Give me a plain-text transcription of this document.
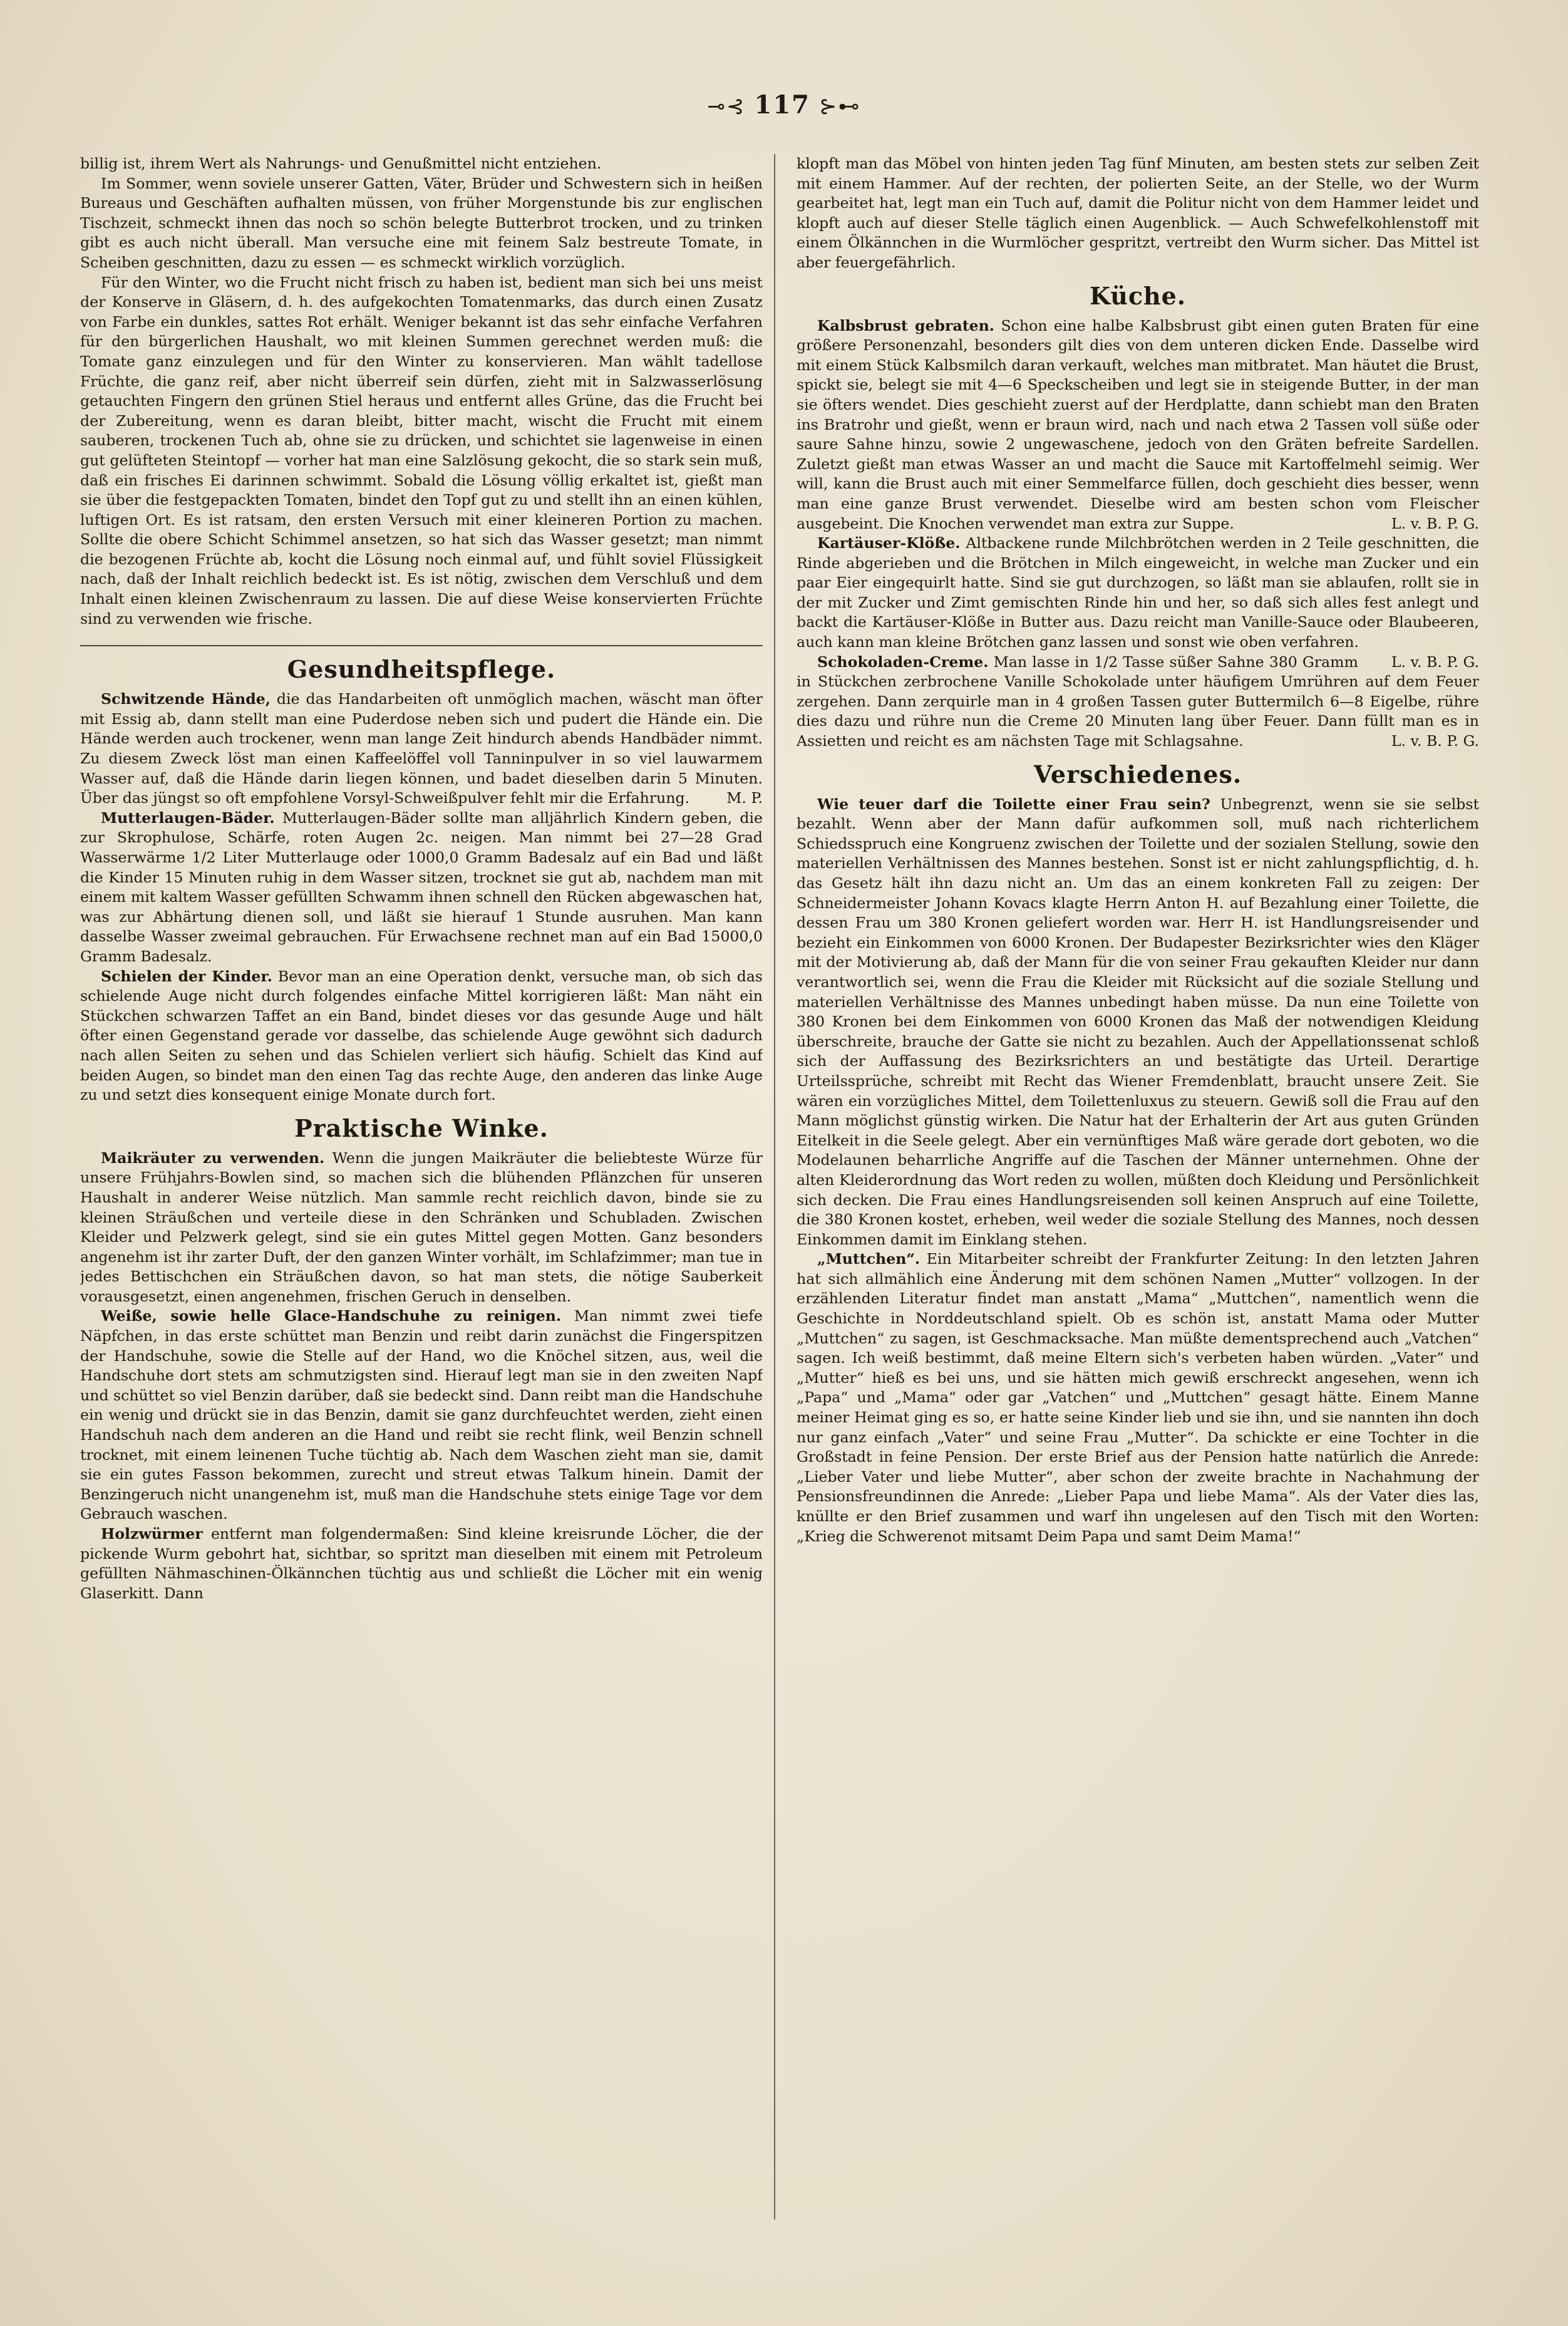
⊸⊰ 117 ⊱⊷

billig ist, ihrem Wert als Nahrungs- und Genußmittel nicht entziehen.

Im Sommer, wenn soviele unserer Gatten, Väter, Brüder und Schwestern sich in heißen Bureaus und Geschäften aufhalten müssen, von früher Morgenstunde bis zur englischen Tischzeit, schmeckt ihnen das noch so schön belegte Butterbrot trocken, und zu trinken gibt es auch nicht überall. Man versuche eine mit feinem Salz bestreute Tomate, in Scheiben geschnitten, dazu zu essen — es schmeckt wirklich vorzüglich.

Für den Winter, wo die Frucht nicht frisch zu haben ist, bedient man sich bei uns meist der Konserve in Gläsern, d. h. des aufgekochten Tomatenmarks, das durch einen Zusatz von Farbe ein dunkles, sattes Rot erhält. Weniger bekannt ist das sehr einfache Verfahren für den bürgerlichen Haushalt, wo mit kleinen Summen gerechnet werden muß: die Tomate ganz einzulegen und für den Winter zu konservieren. Man wählt tadellose Früchte, die ganz reif, aber nicht überreif sein dürfen, zieht mit in Salzwasserlösung getauchten Fingern den grünen Stiel heraus und entfernt alles Grüne, das die Frucht bei der Zubereitung, wenn es daran bleibt, bitter macht, wischt die Frucht mit einem sauberen, trockenen Tuch ab, ohne sie zu drücken, und schichtet sie lagenweise in einen gut gelüfteten Steintopf — vorher hat man eine Salzlösung gekocht, die so stark sein muß, daß ein frisches Ei darinnen schwimmt. Sobald die Lösung völlig erkaltet ist, gießt man sie über die festgepackten Tomaten, bindet den Topf gut zu und stellt ihn an einen kühlen, luftigen Ort. Es ist ratsam, den ersten Versuch mit einer kleineren Portion zu machen. Sollte die obere Schicht Schimmel ansetzen, so hat sich das Wasser gesetzt; man nimmt die bezogenen Früchte ab, kocht die Lösung noch einmal auf, und fühlt soviel Flüssigkeit nach, daß der Inhalt reichlich bedeckt ist. Es ist nötig, zwischen dem Verschluß und dem Inhalt einen kleinen Zwischenraum zu lassen. Die auf diese Weise konservierten Früchte sind zu verwenden wie frische.

Gesundheitspflege.

Schwitzende Hände, die das Handarbeiten oft unmöglich machen, wäscht man öfter mit Essig ab, dann stellt man eine Puderdose neben sich und pudert die Hände ein. Die Hände werden auch trockener, wenn man lange Zeit hindurch abends Handbäder nimmt. Zu diesem Zweck löst man einen Kaffeelöffel voll Tanninpulver in so viel lauwarmem Wasser auf, daß die Hände darin liegen können, und badet dieselben darin 5 Minuten. Über das jüngst so oft empfohlene Vorsyl-Schweißpulver fehlt mir die Erfahrung.	M. P.

Mutterlaugen-Bäder. Mutterlaugen-Bäder sollte man alljährlich Kindern geben, die zur Skrophulose, Schärfe, roten Augen 2c. neigen. Man nimmt bei 27—28 Grad Wasserwärme 1/2 Liter Mutterlauge oder 1000,0 Gramm Badesalz auf ein Bad und läßt die Kinder 15 Minuten ruhig in dem Wasser sitzen, trocknet sie gut ab, nachdem man mit einem mit kaltem Wasser gefüllten Schwamm ihnen schnell den Rücken abgewaschen hat, was zur Abhärtung dienen soll, und läßt sie hierauf 1 Stunde ausruhen. Man kann dasselbe Wasser zweimal gebrauchen. Für Erwachsene rechnet man auf ein Bad 15000,0 Gramm Badesalz.

Schielen der Kinder. Bevor man an eine Operation denkt, versuche man, ob sich das schielende Auge nicht durch folgendes einfache Mittel korrigieren läßt: Man näht ein Stückchen schwarzen Taffet an ein Band, bindet dieses vor das gesunde Auge und hält öfter einen Gegenstand gerade vor dasselbe, das schielende Auge gewöhnt sich dadurch nach allen Seiten zu sehen und das Schielen verliert sich häufig. Schielt das Kind auf beiden Augen, so bindet man den einen Tag das rechte Auge, den anderen das linke Auge zu und setzt dies konsequent einige Monate durch fort.

Praktische Winke.

Maikräuter zu verwenden. Wenn die jungen Maikräuter die beliebteste Würze für unsere Frühjahrs-Bowlen sind, so machen sich die blühenden Pflänzchen für unseren Haushalt in anderer Weise nützlich. Man sammle recht reichlich davon, binde sie zu kleinen Sträußchen und verteile diese in den Schränken und Schubladen. Zwischen Kleider und Pelzwerk gelegt, sind sie ein gutes Mittel gegen Motten. Ganz besonders angenehm ist ihr zarter Duft, der den ganzen Winter vorhält, im Schlafzimmer; man tue in jedes Bettischchen ein Sträußchen davon, so hat man stets, die nötige Sauberkeit vorausgesetzt, einen angenehmen, frischen Geruch in denselben.

Weiße, sowie helle Glace-Handschuhe zu reinigen. Man nimmt zwei tiefe Näpfchen, in das erste schüttet man Benzin und reibt darin zunächst die Fingerspitzen der Handschuhe, sowie die Stelle auf der Hand, wo die Knöchel sitzen, aus, weil die Handschuhe dort stets am schmutzigsten sind. Hierauf legt man sie in den zweiten Napf und schüttet so viel Benzin darüber, daß sie bedeckt sind. Dann reibt man die Handschuhe ein wenig und drückt sie in das Benzin, damit sie ganz durchfeuchtet werden, zieht einen Handschuh nach dem anderen an die Hand und reibt sie recht flink, weil Benzin schnell trocknet, mit einem leinenen Tuche tüchtig ab. Nach dem Waschen zieht man sie, damit sie ein gutes Fasson bekommen, zurecht und streut etwas Talkum hinein. Damit der Benzingeruch nicht unangenehm ist, muß man die Handschuhe stets einige Tage vor dem Gebrauch waschen.

Holzwürmer entfernt man folgendermaßen: Sind kleine kreisrunde Löcher, die der pickende Wurm gebohrt hat, sichtbar, so spritzt man dieselben mit einem mit Petroleum gefüllten Nähmaschinen-Ölkännchen tüchtig aus und schließt die Löcher mit ein wenig Glaserkitt. Dann

klopft man das Möbel von hinten jeden Tag fünf Minuten, am besten stets zur selben Zeit mit einem Hammer. Auf der rechten, der polierten Seite, an der Stelle, wo der Wurm gearbeitet hat, legt man ein Tuch auf, damit die Politur nicht von dem Hammer leidet und klopft auch auf dieser Stelle täglich einen Augenblick. — Auch Schwefelkohlenstoff mit einem Ölkännchen in die Wurmlöcher gespritzt, vertreibt den Wurm sicher. Das Mittel ist aber feuergefährlich.

Küche.

Kalbsbrust gebraten. Schon eine halbe Kalbsbrust gibt einen guten Braten für eine größere Personenzahl, besonders gilt dies von dem unteren dicken Ende. Dasselbe wird mit einem Stück Kalbsmilch daran verkauft, welches man mitbratet. Man häutet die Brust, spickt sie, belegt sie mit 4—6 Speckscheiben und legt sie in steigende Butter, in der man sie öfters wendet. Dies geschieht zuerst auf der Herdplatte, dann schiebt man den Braten ins Bratrohr und gießt, wenn er braun wird, nach und nach etwa 2 Tassen voll süße oder saure Sahne hinzu, sowie 2 ungewaschene, jedoch von den Gräten befreite Sardellen. Zuletzt gießt man etwas Wasser an und macht die Sauce mit Kartoffelmehl seimig. Wer will, kann die Brust auch mit einer Semmelfarce füllen, doch geschieht dies besser, wenn man eine ganze Brust verwendet. Dieselbe wird am besten schon vom Fleischer ausgebeint. Die Knochen verwendet man extra zur Suppe.	L. v. B. P. G.

Kartäuser-Klöße. Altbackene runde Milchbrötchen werden in 2 Teile geschnitten, die Rinde abgerieben und die Brötchen in Milch eingeweicht, in welche man Zucker und ein paar Eier eingequirlt hatte. Sind sie gut durchzogen, so läßt man sie ablaufen, rollt sie in der mit Zucker und Zimt gemischten Rinde hin und her, so daß sich alles fest anlegt und backt die Kartäuser-Klöße in Butter aus. Dazu reicht man Vanille-Sauce oder Blaubeeren, auch kann man kleine Brötchen ganz lassen und sonst wie oben verfahren.
L. v. B. P. G.

Schokoladen-Creme. Man lasse in 1/2 Tasse süßer Sahne 380 Gramm in Stückchen zerbrochene Vanille Schokolade unter häufigem Umrühren auf dem Feuer zergehen. Dann zerquirle man in 4 großen Tassen guter Buttermilch 6—8 Eigelbe, rühre dies dazu und rühre nun die Creme 20 Minuten lang über Feuer. Dann füllt man es in Assietten und reicht es am nächsten Tage mit Schlagsahne.	L. v. B. P. G.

Verschiedenes.

Wie teuer darf die Toilette einer Frau sein? Unbegrenzt, wenn sie sie selbst bezahlt. Wenn aber der Mann dafür aufkommen soll, muß nach richterlichem Schiedsspruch eine Kongruenz zwischen der Toilette und der sozialen Stellung, sowie den materiellen Verhältnissen des Mannes bestehen. Sonst ist er nicht zahlungspflichtig, d. h. das Gesetz hält ihn dazu nicht an. Um das an einem konkreten Fall zu zeigen: Der Schneidermeister Johann Kovacs klagte Herrn Anton H. auf Bezahlung einer Toilette, die dessen Frau um 380 Kronen geliefert worden war. Herr H. ist Handlungsreisender und bezieht ein Einkommen von 6000 Kronen. Der Budapester Bezirksrichter wies den Kläger mit der Motivierung ab, daß der Mann für die von seiner Frau gekauften Kleider nur dann verantwortlich sei, wenn die Frau die Kleider mit Rücksicht auf die soziale Stellung und materiellen Verhältnisse des Mannes unbedingt haben müsse. Da nun eine Toilette von 380 Kronen bei dem Einkommen von 6000 Kronen das Maß der notwendigen Kleidung überschreite, brauche der Gatte sie nicht zu bezahlen. Auch der Appellationssenat schloß sich der Auffassung des Bezirksrichters an und bestätigte das Urteil. Derartige Urteilssprüche, schreibt mit Recht das Wiener Fremdenblatt, braucht unsere Zeit. Sie wären ein vorzügliches Mittel, dem Toilettenluxus zu steuern. Gewiß soll die Frau auf den Mann möglichst günstig wirken. Die Natur hat der Erhalterin der Art aus guten Gründen Eitelkeit in die Seele gelegt. Aber ein vernünftiges Maß wäre gerade dort geboten, wo die Modelaunen beharrliche Angriffe auf die Taschen der Männer unternehmen. Ohne der alten Kleiderordnung das Wort reden zu wollen, müßten doch Kleidung und Persönlichkeit sich decken. Die Frau eines Handlungsreisenden soll keinen Anspruch auf eine Toilette, die 380 Kronen kostet, erheben, weil weder die soziale Stellung des Mannes, noch dessen Einkommen damit im Einklang stehen.

„Muttchen“. Ein Mitarbeiter schreibt der Frankfurter Zeitung: In den letzten Jahren hat sich allmählich eine Änderung mit dem schönen Namen „Mutter“ vollzogen. In der erzählenden Literatur findet man anstatt „Mama“ „Muttchen“, namentlich wenn die Geschichte in Norddeutschland spielt. Ob es schön ist, anstatt Mama oder Mutter „Muttchen“ zu sagen, ist Geschmacksache. Man müßte dementsprechend auch „Vatchen“ sagen. Ich weiß bestimmt, daß meine Eltern sich's verbeten haben würden. „Vater“ und „Mutter“ hieß es bei uns, und sie hätten mich gewiß erschreckt angesehen, wenn ich „Papa“ und „Mama“ oder gar „Vatchen“ und „Muttchen“ gesagt hätte. Einem Manne meiner Heimat ging es so, er hatte seine Kinder lieb und sie ihn, und sie nannten ihn doch nur ganz einfach „Vater“ und seine Frau „Mutter“. Da schickte er eine Tochter in die Großstadt in feine Pension. Der erste Brief aus der Pension hatte natürlich die Anrede: „Lieber Vater und liebe Mutter“, aber schon der zweite brachte in Nachahmung der Pensionsfreundinnen die Anrede: „Lieber Papa und liebe Mama“. Als der Vater dies las, knüllte er den Brief zusammen und warf ihn ungelesen auf den Tisch mit den Worten: „Krieg die Schwerenot mitsamt Deim Papa und samt Deim Mama!“
